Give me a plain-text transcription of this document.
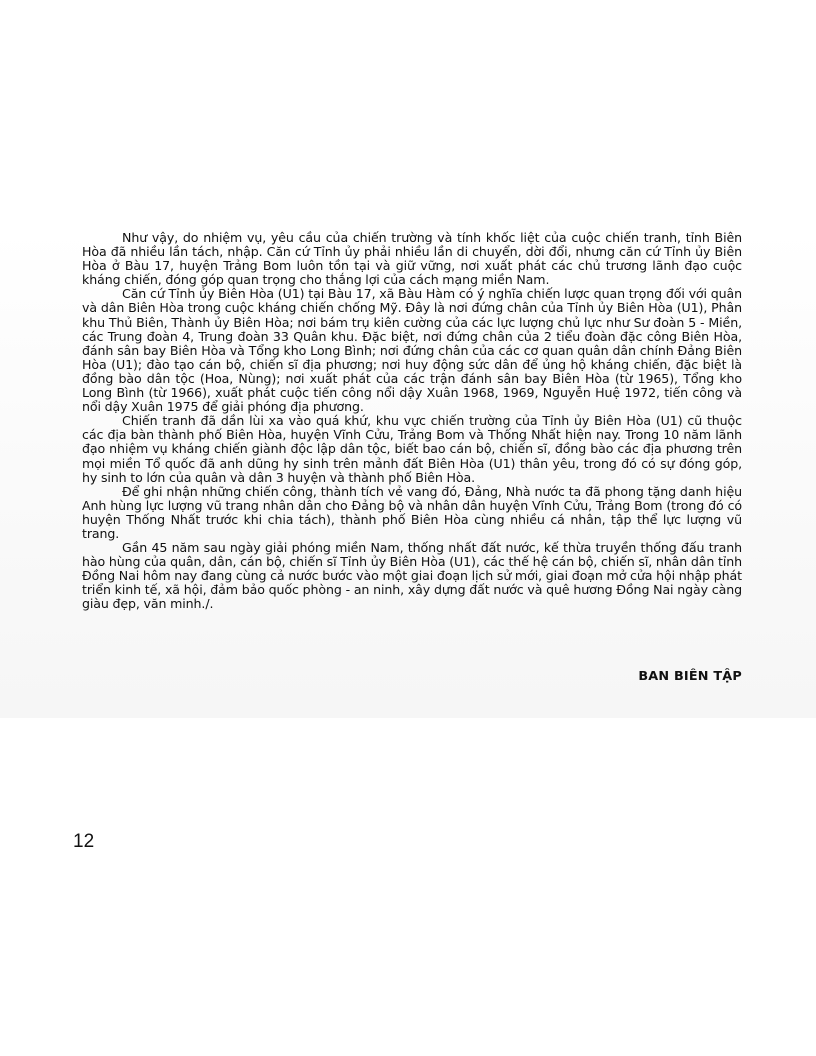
Như vậy, do nhiệm vụ, yêu cầu của chiến trường và tính khốc liệt của cuộc chiến tranh, tỉnh Biên Hòa đã nhiều lần tách, nhập. Căn cứ Tỉnh ủy phải nhiều lần di chuyển, dời đổi, nhưng căn cứ Tỉnh ủy Biên Hòa ở Bàu 17, huyện Trảng Bom luôn tồn tại và giữ vững, nơi xuất phát các chủ trương lãnh đạo cuộc kháng chiến, đóng góp quan trọng cho thắng lợi của cách mạng miền Nam.

Căn cứ Tỉnh ủy Biên Hòa (U1) tại Bàu 17, xã Bàu Hàm có ý nghĩa chiến lược quan trọng đối với quân và dân Biên Hòa trong cuộc kháng chiến chống Mỹ. Đây là nơi đứng chân của Tỉnh ủy Biên Hòa (U1), Phân khu Thủ Biên, Thành ủy Biên Hòa; nơi bám trụ kiên cường của các lực lượng chủ lực như Sư đoàn 5 - Miền, các Trung đoàn 4, Trung đoàn 33 Quân khu. Đặc biệt, nơi đứng chân của 2 tiểu đoàn đặc công Biên Hòa, đánh sân bay Biên Hòa và Tổng kho Long Bình; nơi đứng chân của các cơ quan quân dân chính Đảng Biên Hòa (U1); đào tạo cán bộ, chiến sĩ địa phương; nơi huy động sức dân để ủng hộ kháng chiến, đặc biệt là đồng bào dân tộc (Hoa, Nùng); nơi xuất phát của các trận đánh sân bay Biên Hòa (từ 1965), Tổng kho Long Bình (từ 1966), xuất phát cuộc tiến công nổi dậy Xuân 1968, 1969, Nguyễn Huệ 1972, tiến công và nổi dậy Xuân 1975 để giải phóng địa phương.

Chiến tranh đã dần lùi xa vào quá khứ, khu vực chiến trường của Tỉnh ủy Biên Hòa (U1) cũ thuộc các địa bàn thành phố Biên Hòa, huyện Vĩnh Cửu, Trảng Bom và Thống Nhất hiện nay. Trong 10 năm lãnh đạo nhiệm vụ kháng chiến giành độc lập dân tộc, biết bao cán bộ, chiến sĩ, đồng bào các địa phương trên mọi miền Tổ quốc đã anh dũng hy sinh trên mảnh đất Biên Hòa (U1) thân yêu, trong đó có sự đóng góp, hy sinh to lớn của quân và dân 3 huyện và thành phố Biên Hòa.

Để ghi nhận những chiến công, thành tích vẻ vang đó, Đảng, Nhà nước ta đã phong tặng danh hiệu Anh hùng lực lượng vũ trang nhân dân cho Đảng bộ và nhân dân huyện Vĩnh Cửu, Trảng Bom (trong đó có huyện Thống Nhất trước khi chia tách), thành phố Biên Hòa cùng nhiều cá nhân, tập thể lực lượng vũ trang.

Gần 45 năm sau ngày giải phóng miền Nam, thống nhất đất nước, kế thừa truyền thống đấu tranh hào hùng của quân, dân, cán bộ, chiến sĩ Tỉnh ủy Biên Hòa (U1), các thế hệ cán bộ, chiến sĩ, nhân dân tỉnh Đồng Nai hôm nay đang cùng cả nước bước vào một giai đoạn lịch sử mới, giai đoạn mở cửa hội nhập phát triển kinh tế, xã hội, đảm bảo quốc phòng - an ninh, xây dựng đất nước và quê hương Đồng Nai ngày càng giàu đẹp, văn minh./.

BAN BIÊN TẬP
12
